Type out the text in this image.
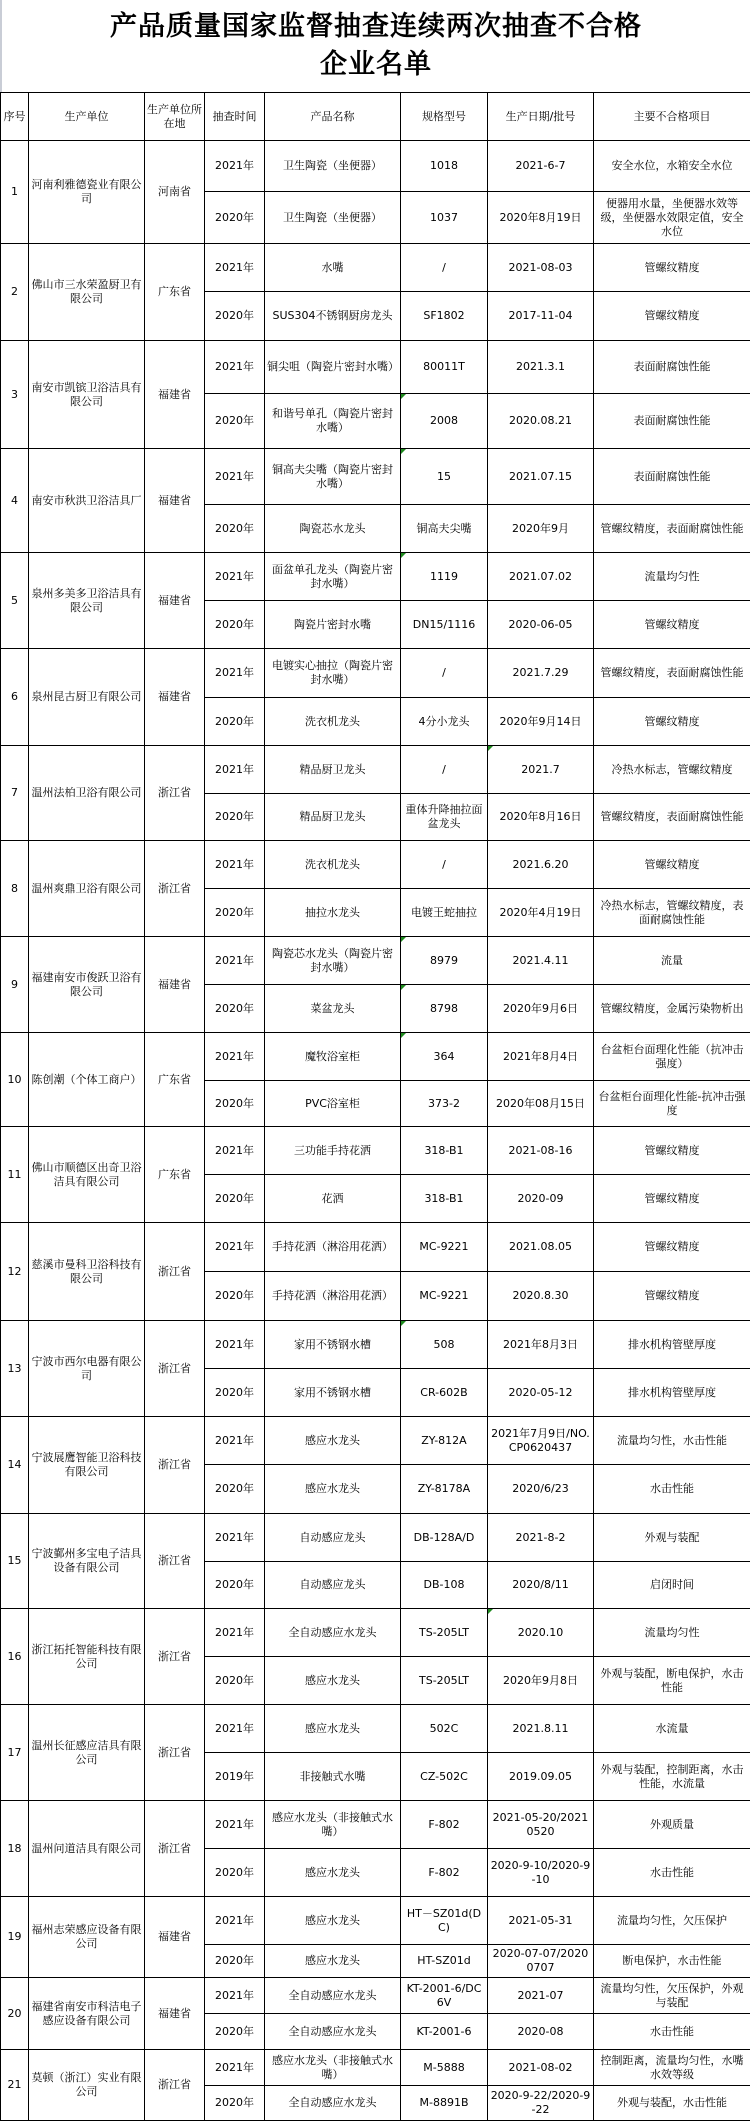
产品质量国家监督抽查连续两次抽查不合格
企业名单
序号	生产单位	生产单位所在地	抽查时间	产品名称	规格型号	生产日期/批号	主要不合格项目
1	河南利雅德瓷业有限公司	河南省	2021年	卫生陶瓷（坐便器）	1018	2021-6-7	安全水位，水箱安全水位
			2020年	卫生陶瓷（坐便器）	1037	2020年8月19日	便器用水量，坐便器水效等级，坐便器水效限定值，安全水位
2	佛山市三水荣盈厨卫有限公司	广东省	2021年	水嘴	/	2021-08-03	管螺纹精度
			2020年	SUS304不锈钢厨房龙头	SF1802	2017-11-04	管螺纹精度
3	南安市凯镔卫浴洁具有限公司	福建省	2021年	铜尖咀（陶瓷片密封水嘴）	80011T	2021.3.1	表面耐腐蚀性能
			2020年	和谐号单孔（陶瓷片密封水嘴）	2008	2020.08.21	表面耐腐蚀性能
4	南安市秋洪卫浴洁具厂	福建省	2021年	铜高夫尖嘴（陶瓷片密封水嘴）	15	2021.07.15	表面耐腐蚀性能
			2020年	陶瓷芯水龙头	铜高夫尖嘴	2020年9月	管螺纹精度，表面耐腐蚀性能
5	泉州多美多卫浴洁具有限公司	福建省	2021年	面盆单孔龙头（陶瓷片密封水嘴）	1119	2021.07.02	流量均匀性
			2020年	陶瓷片密封水嘴	DN15/1116	2020-06-05	管螺纹精度
6	泉州昆古厨卫有限公司	福建省	2021年	电镀实心抽拉（陶瓷片密封水嘴）	/	2021.7.29	管螺纹精度，表面耐腐蚀性能
			2020年	洗衣机龙头	4分小龙头	2020年9月14日	管螺纹精度
7	温州法柏卫浴有限公司	浙江省	2021年	精品厨卫龙头	/	2021.7	冷热水标志，管螺纹精度
			2020年	精品厨卫龙头	重体升降抽拉面盆龙头	2020年8月16日	管螺纹精度，表面耐腐蚀性能
8	温州爽鼎卫浴有限公司	浙江省	2021年	洗衣机龙头	/	2021.6.20	管螺纹精度
			2020年	抽拉水龙头	电镀王蛇抽拉	2020年4月19日	冷热水标志，管螺纹精度，表面耐腐蚀性能
9	福建南安市俊跃卫浴有限公司	福建省	2021年	陶瓷芯水龙头（陶瓷片密封水嘴）	8979	2021.4.11	流量
			2020年	菜盆龙头	8798	2020年9月6日	管螺纹精度，金属污染物析出
10	陈创潮（个体工商户）	广东省	2021年	魔牧浴室柜	364	2021年8月4日	台盆柜台面理化性能（抗冲击强度）
			2020年	PVC浴室柜	373-2	2020年08月15日	台盆柜台面理化性能-抗冲击强度
11	佛山市顺德区出奇卫浴洁具有限公司	广东省	2021年	三功能手持花洒	318-B1	2021-08-16	管螺纹精度
			2020年	花洒	318-B1	2020-09	管螺纹精度
12	慈溪市曼科卫浴科技有限公司	浙江省	2021年	手持花洒（淋浴用花洒）	MC-9221	2021.08.05	管螺纹精度
			2020年	手持花洒（淋浴用花洒）	MC-9221	2020.8.30	管螺纹精度
13	宁波市西尔电器有限公司	浙江省	2021年	家用不锈钢水槽	508	2021年8月3日	排水机构管壁厚度
			2020年	家用不锈钢水槽	CR-602B	2020-05-12	排水机构管壁厚度
14	宁波展鹰智能卫浴科技有限公司	浙江省	2021年	感应水龙头	ZY-812A	2021年7月9日/NO.CP0620437	流量均匀性，水击性能
			2020年	感应水龙头	ZY-8178A	2020/6/23	水击性能
15	宁波鄞州多宝电子洁具设备有限公司	浙江省	2021年	自动感应龙头	DB-128A/D	2021-8-2	外观与装配
			2020年	自动感应龙头	DB-108	2020/8/11	启闭时间
16	浙江拓托智能科技有限公司	浙江省	2021年	全自动感应水龙头	TS-205LT	2020.10	流量均匀性
			2020年	感应水龙头	TS-205LT	2020年9月8日	外观与装配，断电保护，水击性能
17	温州长征感应洁具有限公司	浙江省	2021年	感应水龙头	502C	2021.8.11	水流量
			2019年	非接触式水嘴	CZ-502C	2019.09.05	外观与装配，控制距离，水击性能，水流量
18	温州问道洁具有限公司	浙江省	2021年	感应水龙头（非接触式水嘴）	F-802	2021-05-20/20210520	外观质量
			2020年	感应水龙头	F-802	2020-9-10/2020-9-10	水击性能
19	福州志荣感应设备有限公司	福建省	2021年	感应水龙头	HT－SZ01d(DC)	2021-05-31	流量均匀性，欠压保护
			2020年	感应水龙头	HT-SZ01d	2020-07-07/20200707	断电保护，水击性能
20	福建省南安市科洁电子感应设备有限公司	福建省	2021年	全自动感应水龙头	KT-2001-6/DC 6V	2021-07	流量均匀性，欠压保护，外观与装配
			2020年	全自动感应水龙头	KT-2001-6	2020-08	水击性能
21	莫顿（浙江）实业有限公司	浙江省	2021年	感应水龙头（非接触式水嘴）	M-5888	2021-08-02	控制距离，流量均匀性，水嘴水效等级
			2020年	全自动感应水龙头	M-8891B	2020-9-22/2020-9-22	外观与装配，水击性能
